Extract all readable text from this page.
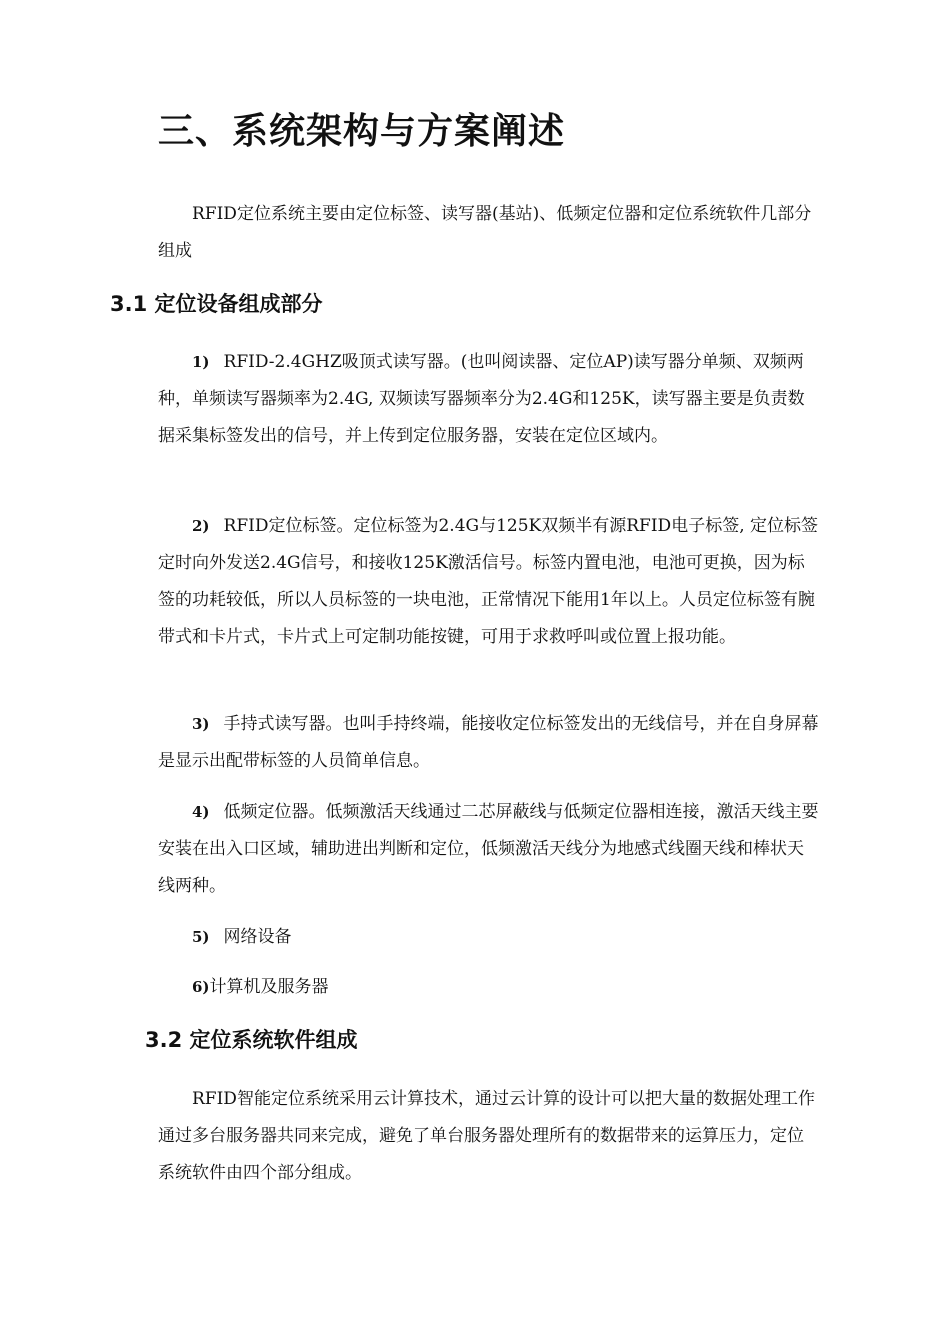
三、系统架构与方案阐述

RFID定位系统主要由定位标签、读写器(基站)、低频定位器和定位系统软件几部分组成

3.1 定位设备组成部分

1) RFID-2.4GHZ吸顶式读写器。(也叫阅读器、定位AP)读写器分单频、双频两种，单频读写器频率为2.4G, 双频读写器频率分为2.4G和125K，读写器主要是负责数据采集标签发出的信号，并上传到定位服务器，安装在定位区域内。

2) RFID定位标签。定位标签为2.4G与125K双频半有源RFID电子标签, 定位标签定时向外发送2.4G信号，和接收125K激活信号。标签内置电池，电池可更换，因为标签的功耗较低，所以人员标签的一块电池，正常情况下能用1年以上。人员定位标签有腕带式和卡片式，卡片式上可定制功能按键，可用于求救呼叫或位置上报功能。

3) 手持式读写器。也叫手持终端，能接收定位标签发出的无线信号，并在自身屏幕是显示出配带标签的人员简单信息。

4) 低频定位器。低频激活天线通过二芯屏蔽线与低频定位器相连接，激活天线主要安装在出入口区域，辅助进出判断和定位，低频激活天线分为地感式线圈天线和棒状天线两种。

5) 网络设备

6)计算机及服务器

3.2 定位系统软件组成

RFID智能定位系统采用云计算技术，通过云计算的设计可以把大量的数据处理工作通过多台服务器共同来完成，避免了单台服务器处理所有的数据带来的运算压力，定位系统软件由四个部分组成。
